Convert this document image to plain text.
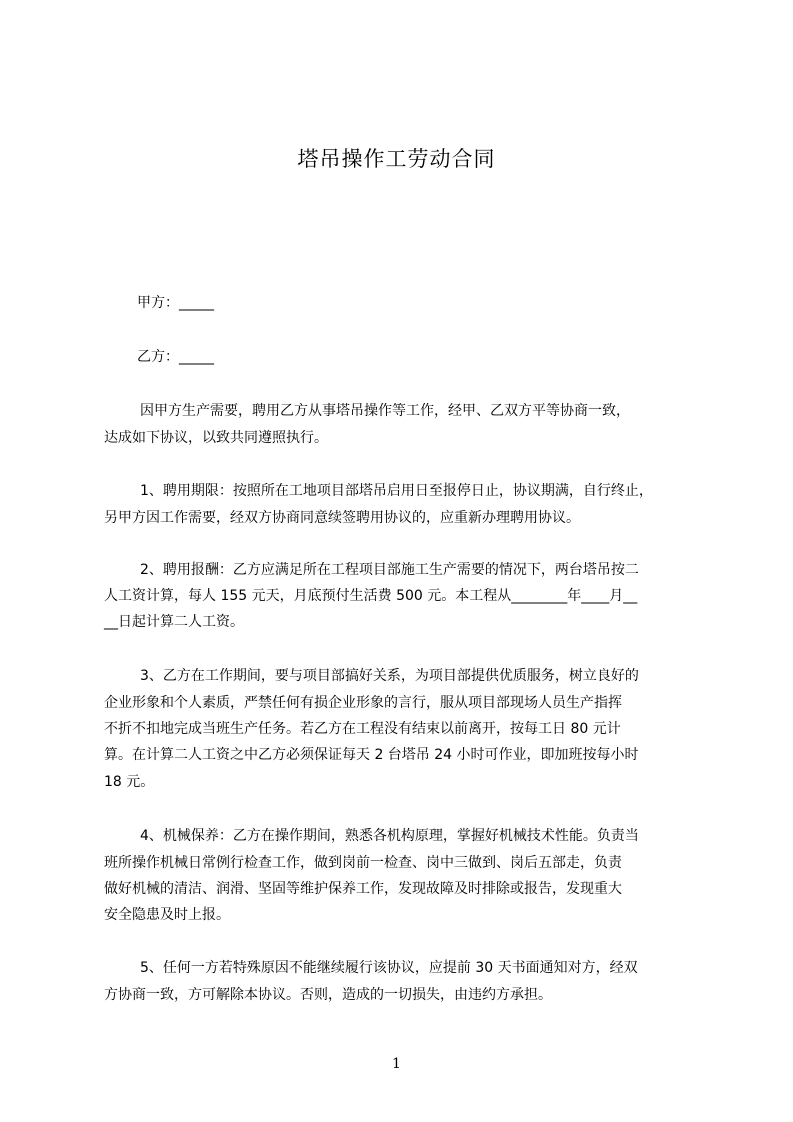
塔吊操作工劳动合同
甲方：_____
乙方：_____
因甲方生产需要，聘用乙方从事塔吊操作等工作，经甲、乙双方平等协商一致，
达成如下协议，以致共同遵照执行。
1、聘用期限：按照所在工地项目部塔吊启用日至报停日止，协议期满，自行终止，
另甲方因工作需要，经双方协商同意续签聘用协议的，应重新办理聘用协议。
2、聘用报酬：乙方应满足所在工程项目部施工生产需要的情况下，两台塔吊按二
人工资计算，每人 155 元天，月底预付生活费 500 元。本工程从________年____月__
__日起计算二人工资。
3、乙方在工作期间，要与项目部搞好关系，为项目部提供优质服务，树立良好的
企业形象和个人素质，严禁任何有损企业形象的言行，服从项目部现场人员生产指挥
不折不扣地完成当班生产任务。若乙方在工程没有结束以前离开，按每工日 80 元计
算。在计算二人工资之中乙方必须保证每天 2 台塔吊 24 小时可作业，即加班按每小时
18 元。
4、机械保养：乙方在操作期间，熟悉各机构原理，掌握好机械技术性能。负责当
班所操作机械日常例行检查工作，做到岗前一检查、岗中三做到、岗后五部走，负责
做好机械的清洁、润滑、坚固等维护保养工作，发现故障及时排除或报告，发现重大
安全隐患及时上报。
5、任何一方若特殊原因不能继续履行该协议，应提前 30 天书面通知对方，经双
方协商一致，方可解除本协议。否则，造成的一切损失，由违约方承担。
1
